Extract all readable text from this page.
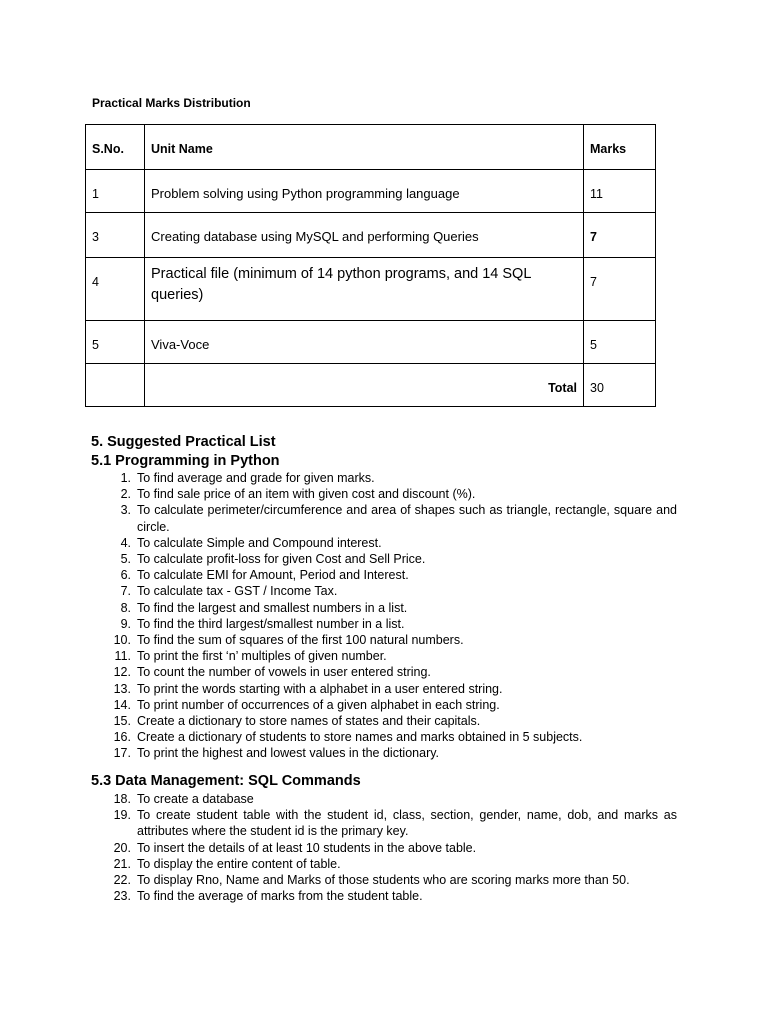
Practical Marks Distribution
S.No.	Unit Name	Marks

1	Problem solving using Python programming language	11

3	Creating database using MySQL and performing Queries	7

4	Practical file (minimum of 14 python programs, and 14 SQL queries)	7

5	Viva-Voce	5

	Total	30
5. Suggested Practical List
5.1 Programming in Python
1. To find average and grade for given marks.
2. To find sale price of an item with given cost and discount (%).
3. To calculate perimeter/circumference and area of shapes such as triangle, rectangle, square and circle.
4. To calculate Simple and Compound interest.
5. To calculate profit-loss for given Cost and Sell Price.
6. To calculate EMI for Amount, Period and Interest.
7. To calculate tax - GST / Income Tax.
8. To find the largest and smallest numbers in a list.
9. To find the third largest/smallest number in a list.
10. To find the sum of squares of the first 100 natural numbers.
11. To print the first ‘n’ multiples of given number.
12. To count the number of vowels in user entered string.
13. To print the words starting with a alphabet in a user entered string.
14. To print number of occurrences of a given alphabet in each string.
15. Create a dictionary to store names of states and their capitals.
16. Create a dictionary of students to store names and marks obtained in 5 subjects.
17. To print the highest and lowest values in the dictionary.
5.3 Data Management: SQL Commands
18. To create a database
19. To create student table with the student id, class, section, gender, name, dob, and marks as attributes where the student id is the primary key.
20. To insert the details of at least 10 students in the above table.
21. To display the entire content of table.
22. To display Rno, Name and Marks of those students who are scoring marks more than 50.
23. To find the average of marks from the student table.
